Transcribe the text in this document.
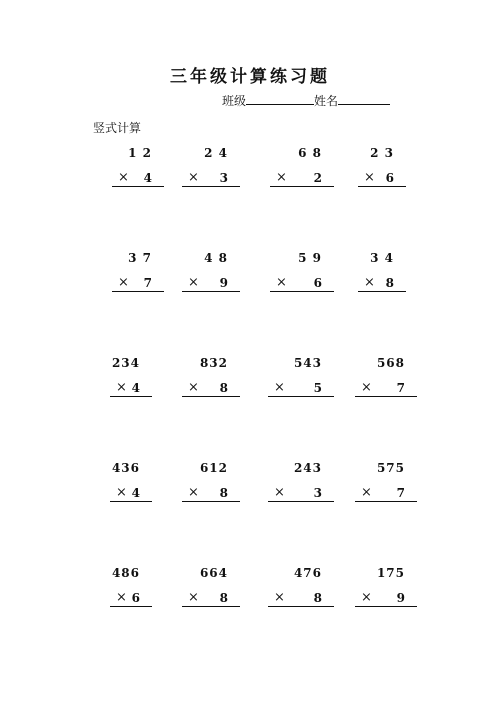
三年级计算练习题
班级	姓名
竖式计算
1 2
× 4
2 4
× 3
6 8
× 2
2 3
× 6
3 7
× 7
4 8
× 9
5 9
× 6
3 4
× 8
234
× 4
832
× 8
543
× 5
568
× 7
436
× 4
612
× 8
243
× 3
575
× 7
486
× 6
664
× 8
476
× 8
175
× 9
